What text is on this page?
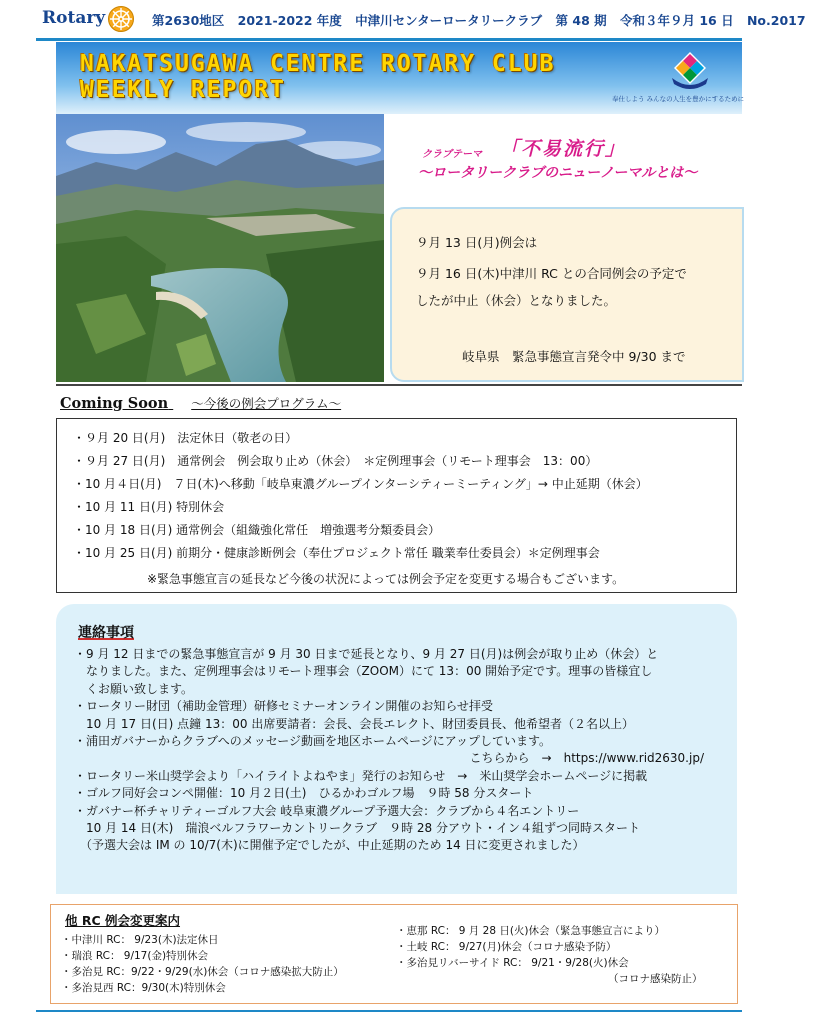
Rotary	第2630地区 2021-2022 年度 中津川センターロータリークラブ 第 48 期 令和３年９月 16 日 No.2017
NAKATSUGAWA CENTRE ROTARY CLUB
WEEKLY REPORT	奉仕しよう みんなの人生を豊かにするために
クラブテーマ 「不易流行」
～ロータリークラブのニューノーマルとは～

９月 13 日(月)例会は

９月 16 日(木)中津川 RC との合同例会の予定で

したが中止（休会）となりました。

岐阜県　緊急事態宣言発令中 9/30 まで

Coming Soon ～今後の例会プログラム～
・９月 20 日(月)　法定休日（敬老の日）
・９月 27 日(月)　通常例会　例会取り止め（休会）　＊定例理事会（リモート理事会　13：00）
・10 月４日(月)　７日(木)へ移動「岐阜東濃グループインターシティーミーティング」→ 中止延期（休会）
・10 月 11 日(月) 特別休会
・10 月 18 日(月) 通常例会（組織強化常任　増強選考分類委員会）
・10 月 25 日(月) 前期分・健康診断例会（奉仕プロジェクト常任 職業奉仕委員会）＊定例理事会
※緊急事態宣言の延長など今後の状況によっては例会予定を変更する場合もございます。
連絡事項
・9 月 12 日までの緊急事態宣言が 9 月 30 日まで延長となり、9 月 27 日(月)は例会が取り止め（休会）と
　なりました。また、定例理事会はリモート理事会（ZOOM）にて 13：00 開始予定です。理事の皆様宜し
　くお願い致します。
・ロータリー財団（補助金管理）研修セミナーオンライン開催のお知らせ拝受
　10 月 17 日(日) 点鐘 13：00 出席要請者：会長、会長エレクト、財団委員長、他希望者（２名以上）
・浦田ガバナーからクラブへのメッセージ動画を地区ホームページにアップしています。
こちらから　→　https://www.rid2630.jp/
・ロータリー米山奨学会より「ハイライトよねやま」発行のお知らせ　→　米山奨学会ホームページに掲載
・ゴルフ同好会コンペ開催：10 月２日(土)　ひるかわゴルフ場　９時 58 分スタート
・ガバナー杯チャリティーゴルフ大会 岐阜東濃グループ予選大会：クラブから４名エントリー
　10 月 14 日(木)　瑞浪ベルフラワーカントリークラブ　９時 28 分アウト・イン４組ずつ同時スタート
　（予選大会は IM の 10/7(木)に開催予定でしたが、中止延期のため 14 日に変更されました）
他 RC 例会変更案内
・中津川 RC： 9/23(木)法定休日
・瑞浪 RC： 9/17(金)特別休会
・多治見 RC：9/22・9/29(水)休会（コロナ感染拡大防止）
・多治見西 RC：9/30(木)特別休会
・恵那 RC： 9 月 28 日(火)休会（緊急事態宣言により）
・土岐 RC： 9/27(月)休会（コロナ感染予防）
・多治見リバーサイド RC： 9/21・9/28(火)休会
（コロナ感染防止）
